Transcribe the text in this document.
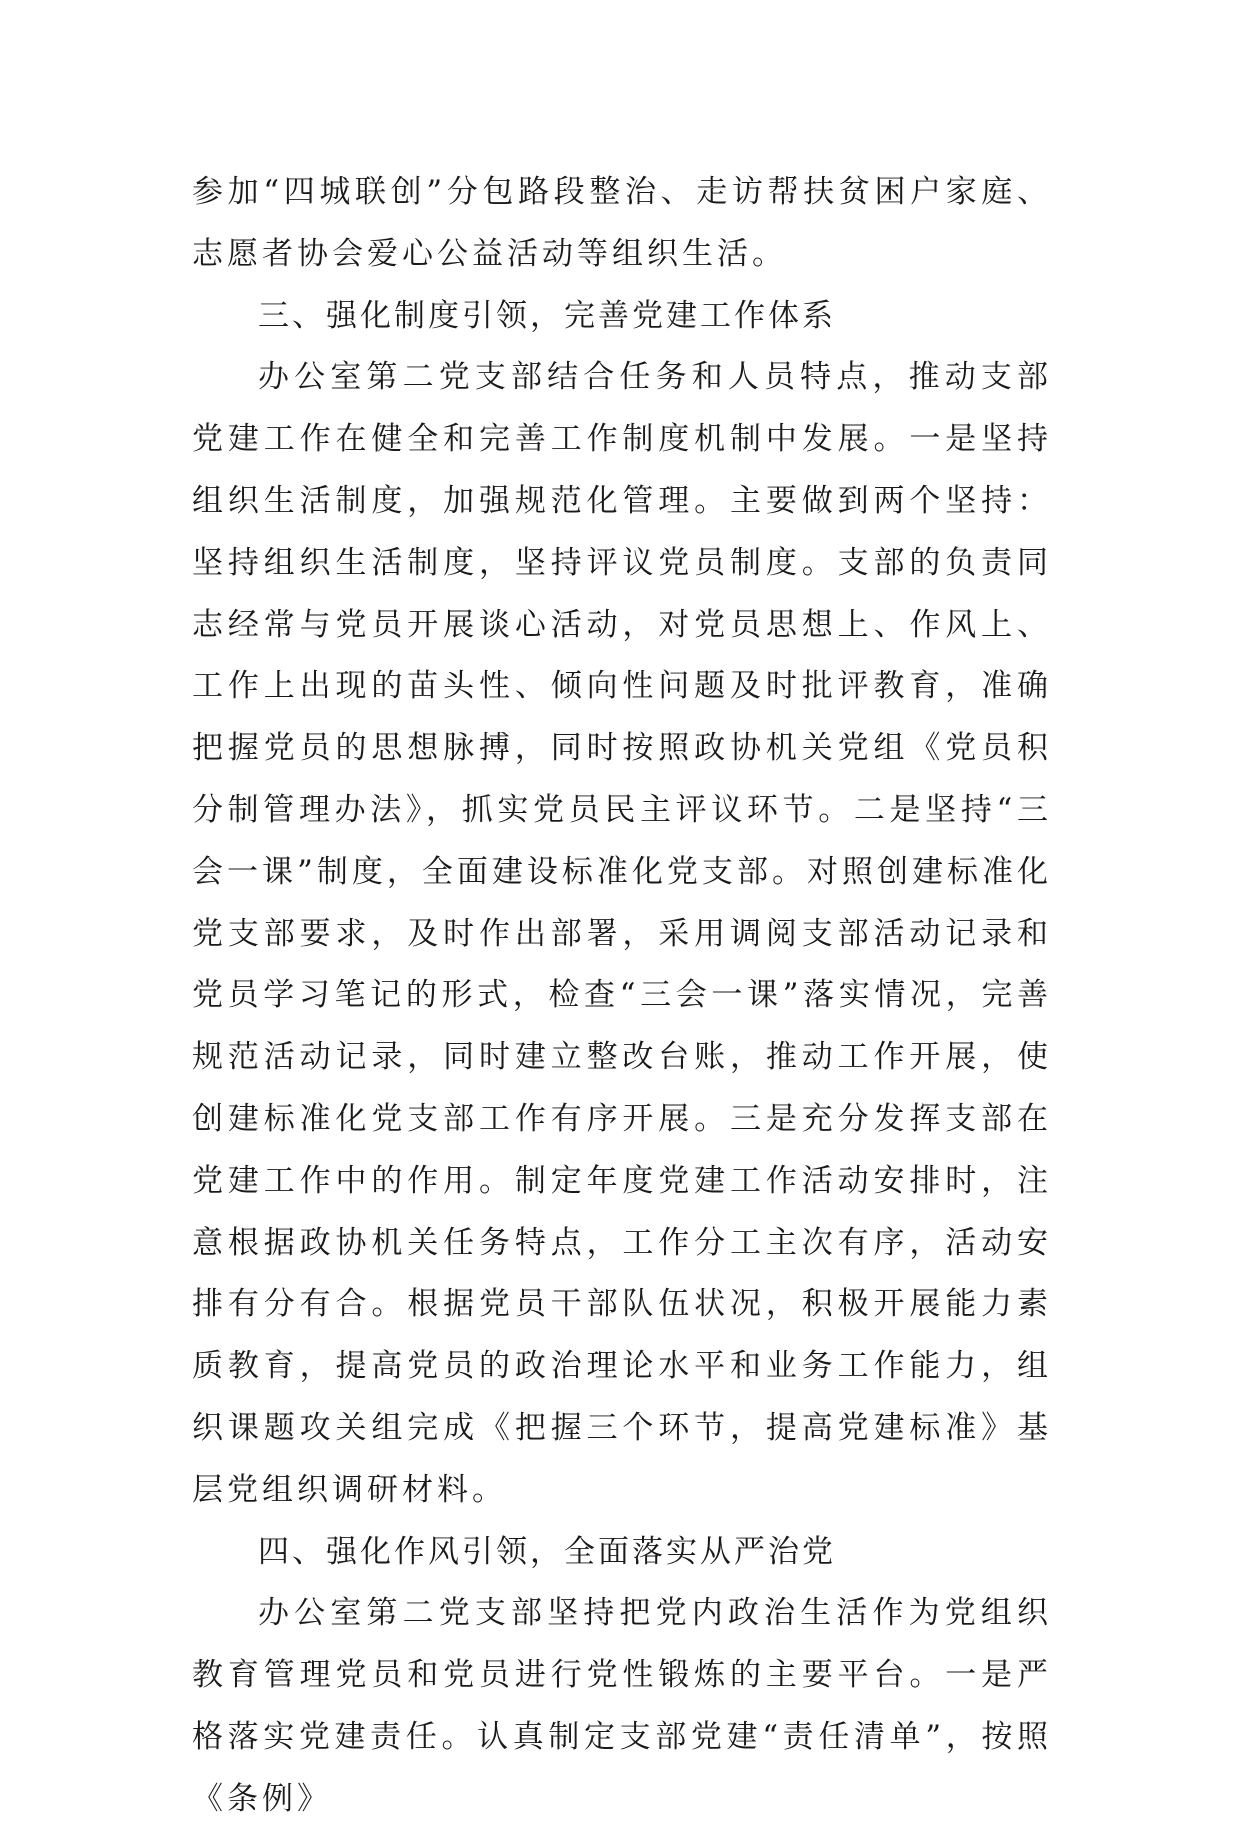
参加“四城联创”分包路段整治、走访帮扶贫困户家庭、志愿者协会爱心公益活动等组织生活。

三、强化制度引领，完善党建工作体系

办公室第二党支部结合任务和人员特点，推动支部党建工作在健全和完善工作制度机制中发展。一是坚持组织生活制度，加强规范化管理。主要做到两个坚持：坚持组织生活制度，坚持评议党员制度。支部的负责同志经常与党员开展谈心活动，对党员思想上、作风上、工作上出现的苗头性、倾向性问题及时批评教育，准确把握党员的思想脉搏，同时按照政协机关党组《党员积分制管理办法》，抓实党员民主评议环节。二是坚持“三会一课”制度，全面建设标准化党支部。对照创建标准化党支部要求，及时作出部署，采用调阅支部活动记录和党员学习笔记的形式，检查“三会一课”落实情况，完善规范活动记录，同时建立整改台账，推动工作开展，使创建标准化党支部工作有序开展。三是充分发挥支部在党建工作中的作用。制定年度党建工作活动安排时，注意根据政协机关任务特点，工作分工主次有序，活动安排有分有合。根据党员干部队伍状况，积极开展能力素质教育，提高党员的政治理论水平和业务工作能力，组织课题攻关组完成《把握三个环节，提高党建标准》基层党组织调研材料。

四、强化作风引领，全面落实从严治党

办公室第二党支部坚持把党内政治生活作为党组织教育管理党员和党员进行党性锻炼的主要平台。一是严格落实党建责任。认真制定支部党建“责任清单”，按照《条例》
